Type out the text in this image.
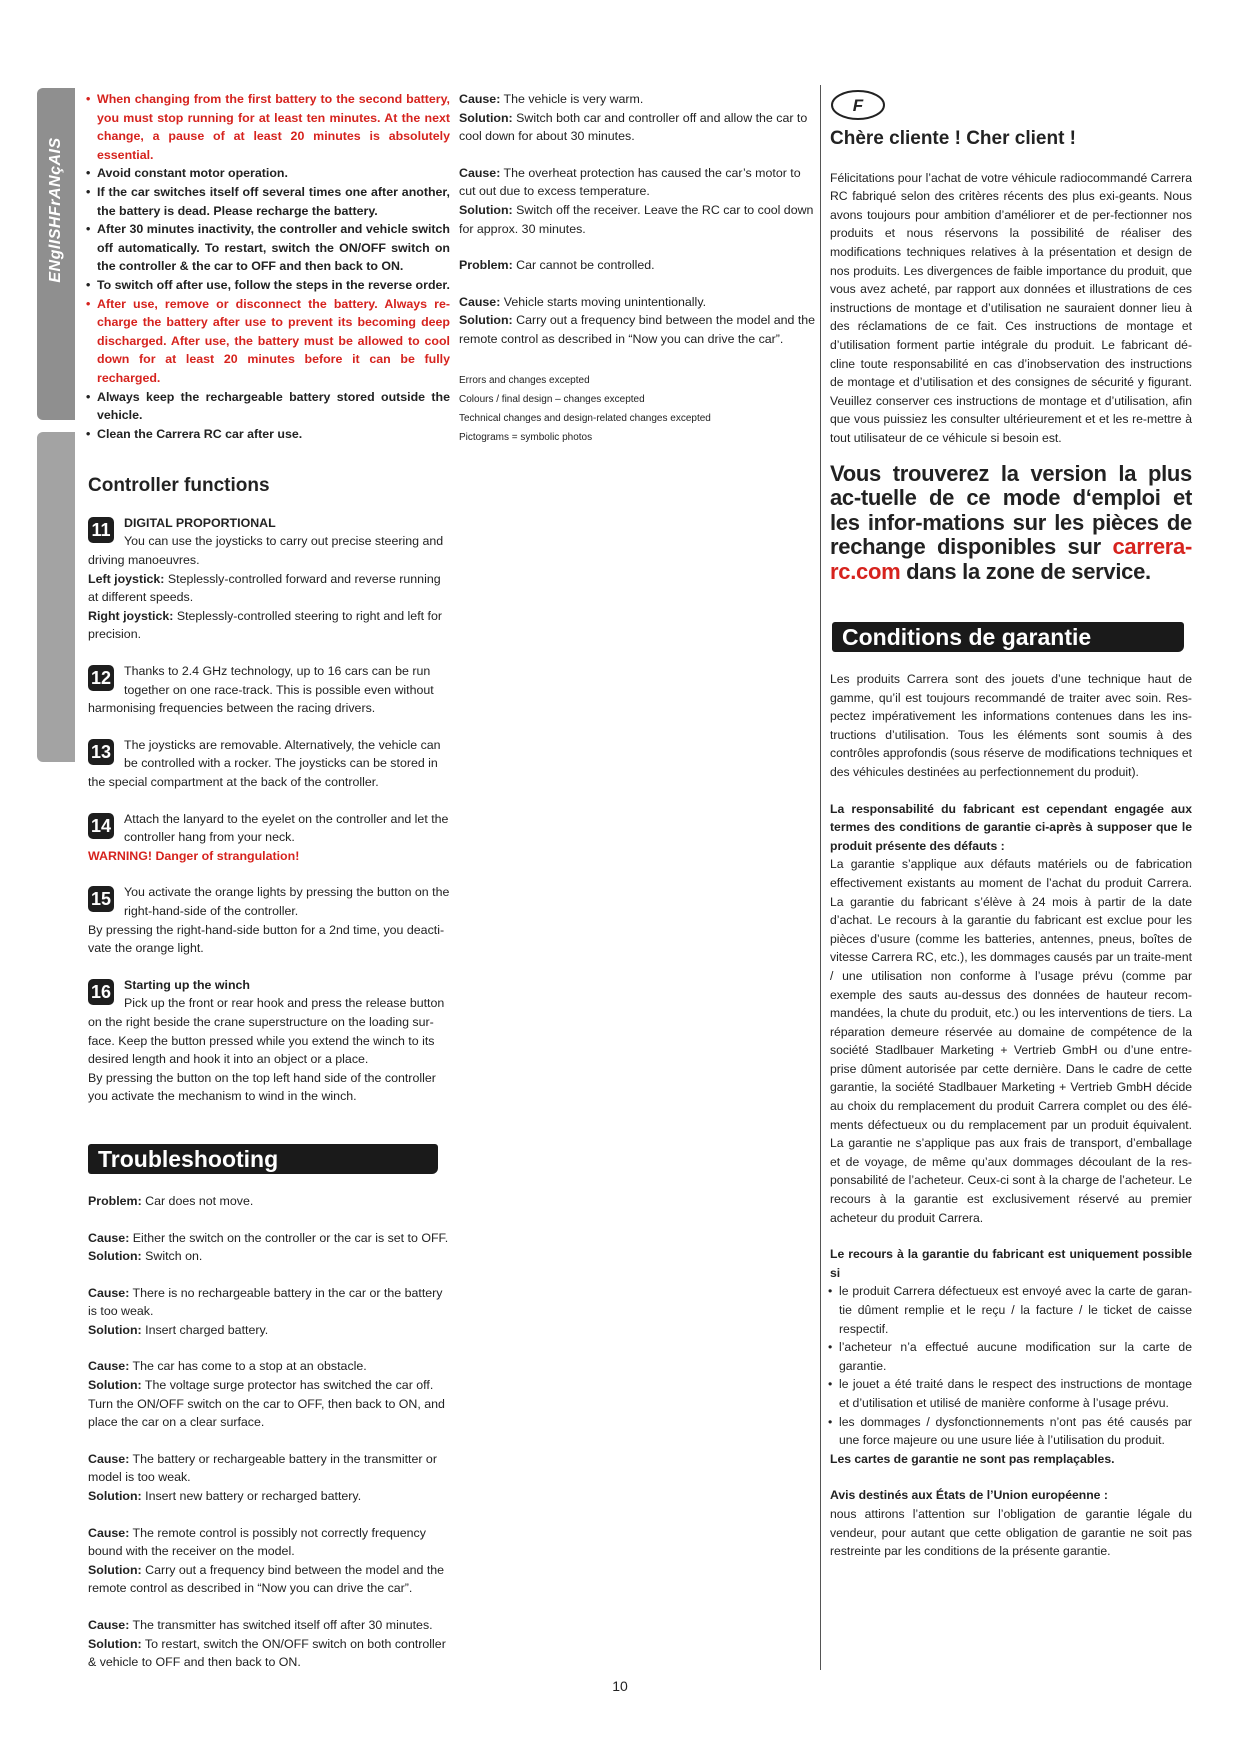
ENglISHFrANçAIS
• When changing from the first battery to the second battery, you must stop running for at least ten minutes. At the next change, a pause of at least 20 minutes is absolutely essential.
• Avoid constant motor operation.
• If the car switches itself off several times one after another, the battery is dead. Please recharge the battery.
• After 30 minutes inactivity, the controller and vehicle switch off automatically. To restart, switch the ON/OFF switch on the controller & the car to OFF and then back to ON.
• To switch off after use, follow the steps in the reverse order.
• After use, remove or disconnect the battery. Always re-charge the battery after use to prevent its becoming deep discharged. After use, the battery must be allowed to cool down for at least 20 minutes before it can be fully recharged.
• Always keep the rechargeable battery stored outside the vehicle.
• Clean the Carrera RC car after use.
Controller functions
11	DIGITAL PROPORTIONAL

You can use the joysticks to carry out precise steering and driving manoeuvres.

Left joystick: Steplessly-controlled forward and reverse running at different speeds.

Right joystick: Steplessly-controlled steering to right and left for precision.

12	Thanks to 2.4 GHz technology, up to 16 cars can be run together on one race-track. This is possible even without harmonising frequencies between the racing drivers.

13	The joysticks are removable. Alternatively, the vehicle can be controlled with a rocker. The joysticks can be stored in the special compartment at the back of the controller.

14	Attach the lanyard to the eyelet on the controller and let the controller hang from your neck.

WARNING! Danger of strangulation!

15	You activate the orange lights by pressing the button on the right-hand-side of the controller.

By pressing the right-hand-side button for a 2nd time, you deacti-vate the orange light.

16	Starting up the winch

Pick up the front or rear hook and press the release button on the right beside the crane superstructure on the loading sur-face. Keep the button pressed while you extend the winch to its desired length and hook it into an object or a place.

By pressing the button on the top left hand side of the controller you activate the mechanism to wind in the winch.

Troubleshooting

Problem: Car does not move.

Cause: Either the switch on the controller or the car is set to OFF.

Solution: Switch on.

Cause: There is no rechargeable battery in the car or the battery is too weak.

Solution: Insert charged battery.

Cause: The car has come to a stop at an obstacle.

Solution: The voltage surge protector has switched the car off. Turn the ON/OFF switch on the car to OFF, then back to ON, and place the car on a clear surface.

Cause: The battery or rechargeable battery in the transmitter or model is too weak.

Solution: Insert new battery or recharged battery.

Cause: The remote control is possibly not correctly frequency bound with the receiver on the model.

Solution: Carry out a frequency bind between the model and the remote control as described in “Now you can drive the car”.

Cause: The transmitter has switched itself off after 30 minutes.

Solution: To restart, switch the ON/OFF switch on both controller & vehicle to OFF and then back to ON.

Cause: The vehicle is very warm.

Solution: Switch both car and controller off and allow the car to cool down for about 30 minutes.

Cause: The overheat protection has caused the car’s motor to cut out due to excess temperature.

Solution: Switch off the receiver. Leave the RC car to cool down for approx. 30 minutes.

Problem: Car cannot be controlled.

Cause: Vehicle starts moving unintentionally.

Solution: Carry out a frequency bind between the model and the remote control as described in “Now you can drive the car”.

Errors and changes excepted

Colours / final design – changes excepted

Technical changes and design-related changes excepted

Pictograms = symbolic photos

F
Chère cliente ! Cher client !

Félicitations pour l’achat de votre véhicule radiocommandé Carrera RC fabriqué selon des critères récents des plus exi-geants. Nous avons toujours pour ambition d’améliorer et de per-fectionner nos produits et nous réservons la possibilité de réaliser des modifications techniques relatives à la présentation et design de nos produits. Les divergences de faible importance du produit, que vous avez acheté, par rapport aux données et illustrations de ces instructions de montage et d’utilisation ne sauraient donner lieu à des réclamations de ce fait. Ces instructions de montage et d’utilisation forment partie intégrale du produit. Le fabricant dé-cline toute responsabilité en cas d’inobservation des instructions de montage et d’utilisation et des consignes de sécurité y figurant. Veuillez conserver ces instructions de montage et d’utilisation, afin que vous puissiez les consulter ultérieurement et et les re-mettre à tout utilisateur de ce véhicule si besoin est.

Vous trouverez la version la plus ac-tuelle de ce mode d‘emploi et les infor-mations sur les pièces de rechange disponibles sur carrera-rc.com dans la zone de service.

Conditions de garantie

Les produits Carrera sont des jouets d’une technique haut de gamme, qu’il est toujours recommandé de traiter avec soin. Res-pectez impérativement les informations contenues dans les ins-tructions d’utilisation. Tous les éléments sont soumis à des contrôles approfondis (sous réserve de modifications techniques et des véhicules destinées au perfectionnement du produit).

La responsabilité du fabricant est cependant engagée aux termes des conditions de garantie ci-après à supposer que le produit présente des défauts :

La garantie s’applique aux défauts matériels ou de fabrication effectivement existants au moment de l’achat du produit Carrera. La garantie du fabricant s’élève à 24 mois à partir de la date d’achat. Le recours à la garantie du fabricant est exclue pour les pièces d’usure (comme les batteries, antennes, pneus, boîtes de vitesse Carrera RC, etc.), les dommages causés par un traite-ment / une utilisation non conforme à l’usage prévu (comme par exemple des sauts au-dessus des données de hauteur recom-mandées, la chute du produit, etc.) ou les interventions de tiers. La réparation demeure réservée au domaine de compétence de la société Stadlbauer Marketing + Vertrieb GmbH ou d’une entre-prise dûment autorisée par cette dernière. Dans le cadre de cette garantie, la société Stadlbauer Marketing + Vertrieb GmbH décide au choix du remplacement du produit Carrera complet ou des élé-ments défectueux ou du remplacement par un produit équivalent. La garantie ne s’applique pas aux frais de transport, d’emballage et de voyage, de même qu’aux dommages découlant de la res-ponsabilité de l’acheteur. Ceux-ci sont à la charge de l’acheteur. Le recours à la garantie est exclusivement réservé au premier acheteur du produit Carrera.

Le recours à la garantie du fabricant est uniquement possible si

• le produit Carrera défectueux est envoyé avec la carte de garan-tie dûment remplie et le reçu / la facture / le ticket de caisse respectif.
• l’acheteur n’a effectué aucune modification sur la carte de garantie.
• le jouet a été traité dans le respect des instructions de montage et d’utilisation et utilisé de manière conforme à l’usage prévu.
• les dommages / dysfonctionnements n’ont pas été causés par une force majeure ou une usure liée à l’utilisation du produit.

Les cartes de garantie ne sont pas remplaçables.

Avis destinés aux États de l’Union européenne :

nous attirons l’attention sur l’obligation de garantie légale du vendeur, pour autant que cette obligation de garantie ne soit pas restreinte par les conditions de la présente garantie.

10
